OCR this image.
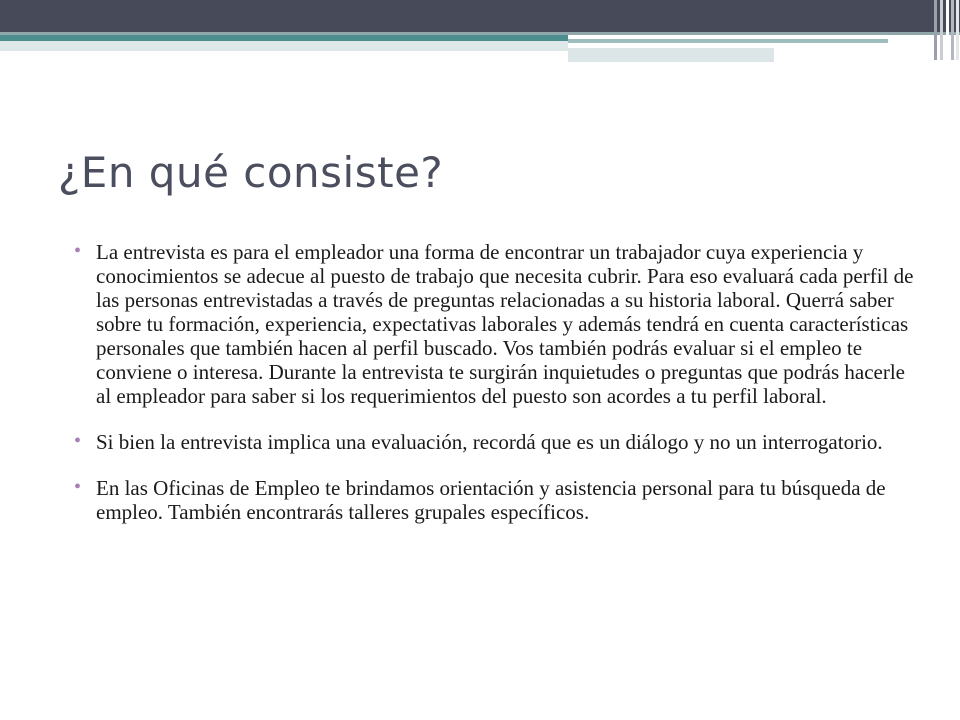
¿En qué consiste?
• La entrevista es para el empleador una forma de encontrar un trabajador cuya experiencia y conocimientos se adecue al puesto de trabajo que necesita cubrir. Para eso evaluará cada perfil de las personas entrevistadas a través de preguntas relacionadas a su historia laboral. Querrá saber sobre tu formación, experiencia, expectativas laborales y además tendrá en cuenta características personales que también hacen al perfil buscado. Vos también podrás evaluar si el empleo te conviene o interesa. Durante la entrevista te surgirán inquietudes o preguntas que podrás hacerle al empleador para saber si los requerimientos del puesto son acordes a tu perfil laboral.
• Si bien la entrevista implica una evaluación, recordá que es un diálogo y no un interrogatorio.
• En las Oficinas de Empleo te brindamos orientación y asistencia personal para tu búsqueda de empleo. También encontrarás talleres grupales específicos.
